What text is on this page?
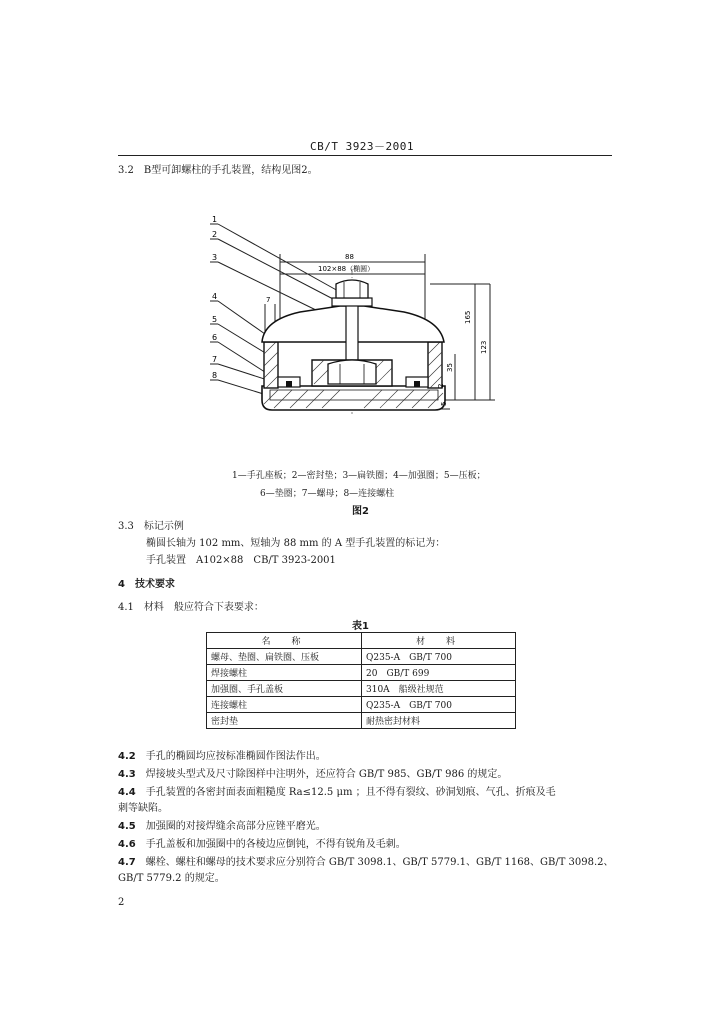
CB/T 3923－2001
3.2　B型可卸螺柱的手孔装置，结构见图2。
1
2
3
4
5
6
7
8
88
102×88（椭圆）
7
165
123
35
2
5
1—手孔座板；2—密封垫；3—扁铁圈；4—加强圈；5—压板；
6—垫圈；7—螺母；8—连接螺柱
图2
3.3　标记示例
椭圆长轴为 102 mm、短轴为 88 mm 的 A 型手孔装置的标记为：
手孔装置　A102×88　CB/T 3923-2001
4　技术要求
4.1　材料　般应符合下表要求：
表1
名　称	材　料
螺母、垫圈、扁铁圈、压板	Q235-A　GB/T 700
焊接螺柱	20　GB/T 699
加强圈、手孔盖板	310A　船级社规范
连接螺柱	Q235-A　GB/T 700
密封垫	耐热密封材料
4.2　 手孔的椭圆均应按标准椭圆作图法作出。
4.3　 焊接坡头型式及尺寸除图样中注明外，还应符合 GB/T 985、GB/T 986 的规定。
4.4　 手孔装置的各密封面表面粗糙度 Ra≤12.5 μm ；且不得有裂纹、砂洞划痕、气孔、折痕及毛
刺等缺陷。
4.5　 加强圈的对接焊缝余高部分应锉平磨光。
4.6　 手孔盖板和加强圈中的各棱边应倒钝，不得有锐角及毛刺。
4.7　 螺栓、螺柱和螺母的技术要求应分别符合 GB/T 3098.1、GB/T 5779.1、GB/T 1168、GB/T 3098.2、
GB/T 5779.2 的规定。
2
